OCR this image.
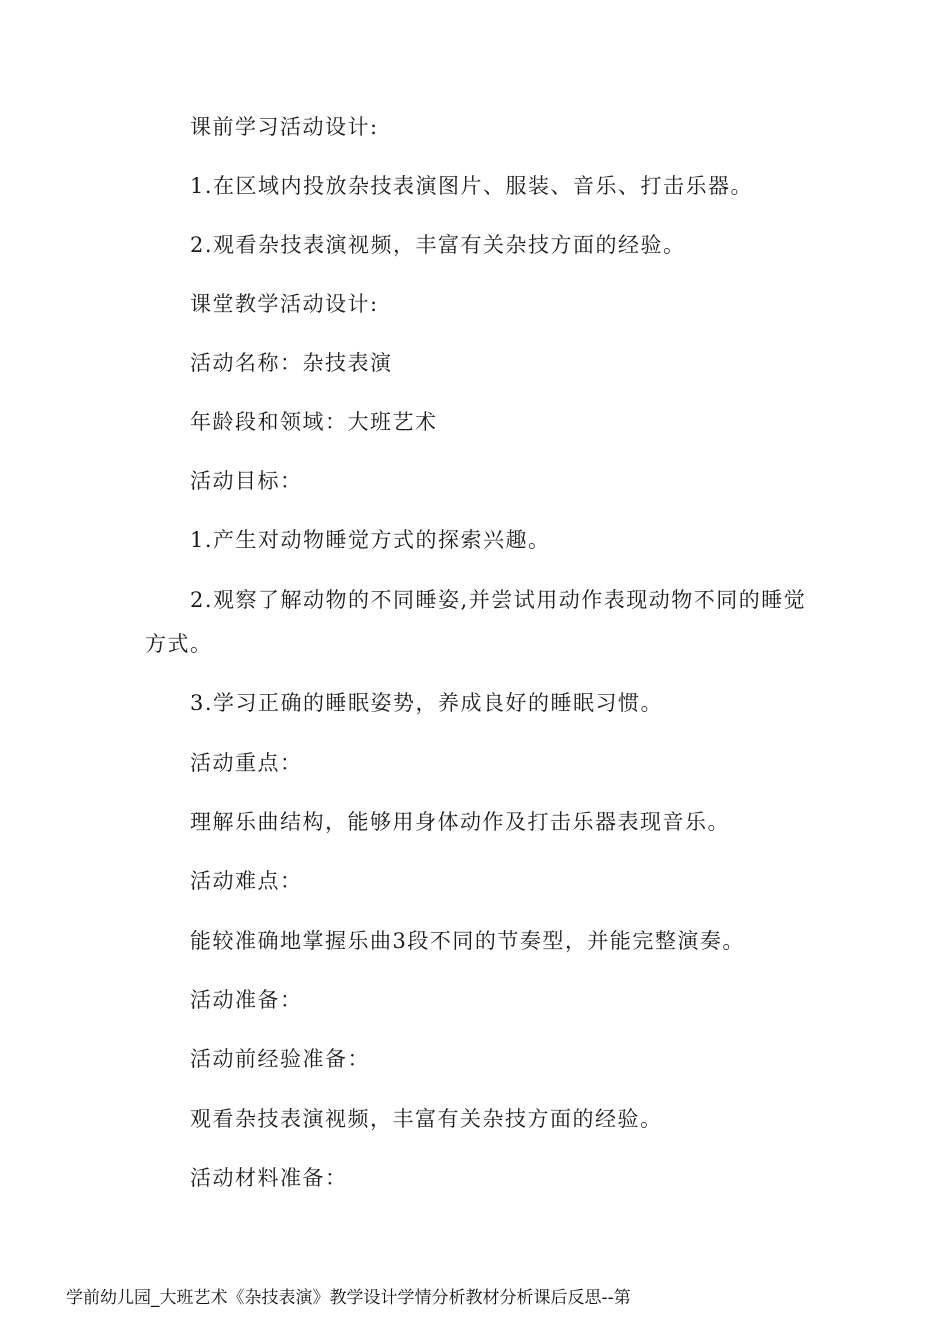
课前学习活动设计:
1.在区域内投放杂技表演图片、服装、音乐、打击乐器。
2.观看杂技表演视频，丰富有关杂技方面的经验。
课堂教学活动设计:
活动名称：杂技表演
年龄段和领域：大班艺术
活动目标：
1.产生对动物睡觉方式的探索兴趣。
2.观察了解动物的不同睡姿,并尝试用动作表现动物不同的睡觉
方式。
3.学习正确的睡眠姿势，养成良好的睡眠习惯。
活动重点：
理解乐曲结构，能够用身体动作及打击乐器表现音乐。
活动难点：
能较准确地掌握乐曲3段不同的节奏型，并能完整演奏。
活动准备：
活动前经验准备：
观看杂技表演视频，丰富有关杂技方面的经验。
活动材料准备：
学前幼儿园_大班艺术《杂技表演》教学设计学情分析教材分析课后反思--第
